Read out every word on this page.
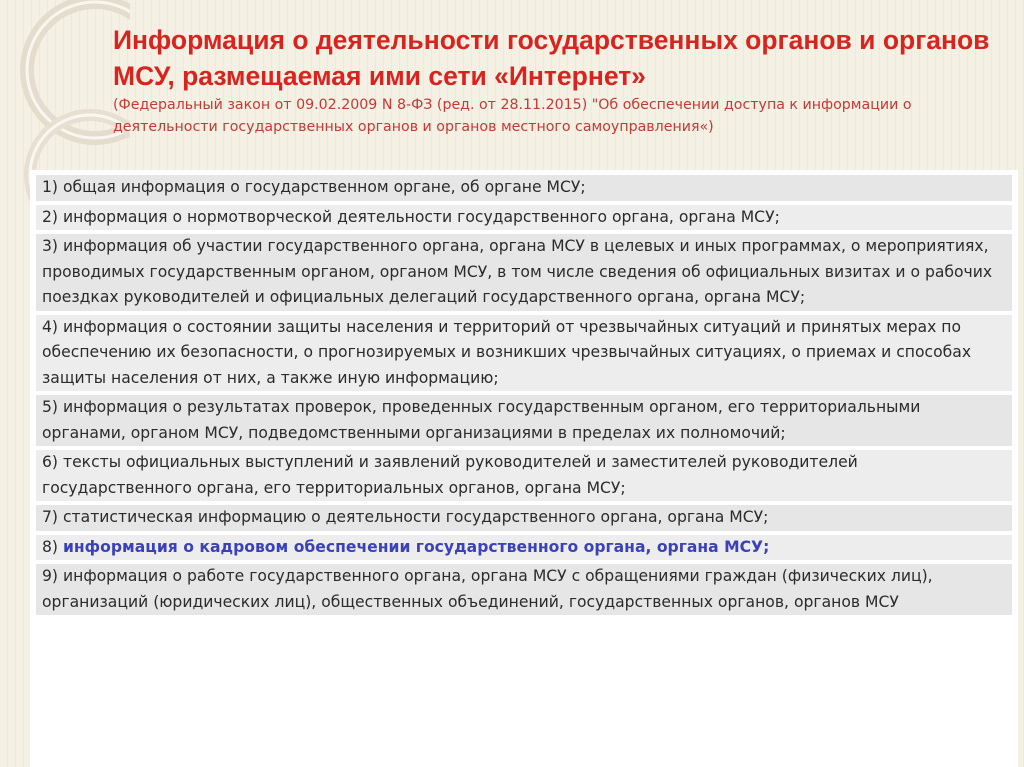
Информация о деятельности государственных органов и органов МСУ, размещаемая ими сети «Интернет»

(Федеральный закон от 09.02.2009 N 8-ФЗ (ред. от 28.11.2015) "Об обеспечении доступа к информации о деятельности государственных органов и органов местного самоуправления«)

1) общая информация о государственном органе, об органе МСУ;
2) информация о нормотворческой деятельности государственного органа, органа МСУ;
3) информация об участии государственного органа, органа МСУ в целевых и иных программах, о мероприятиях, проводимых государственным органом, органом МСУ, в том числе сведения об официальных визитах и о рабочих поездках руководителей и официальных делегаций государственного органа, органа МСУ;
4) информация о состоянии защиты населения и территорий от чрезвычайных ситуаций и принятых мерах по обеспечению их безопасности, о прогнозируемых и возникших чрезвычайных ситуациях, о приемах и способах защиты населения от них, а также иную информацию;
5) информация о результатах проверок, проведенных государственным органом, его территориальными органами, органом МСУ, подведомственными организациями в пределах их полномочий;
6) тексты официальных выступлений и заявлений руководителей и заместителей руководителей государственного органа, его территориальных органов, органа МСУ;
7) статистическая информацию о деятельности государственного органа, органа МСУ;
8) информация о кадровом обеспечении государственного органа, органа МСУ;
9) информация о работе государственного органа, органа МСУ с обращениями граждан (физических лиц), организаций (юридических лиц), общественных объединений, государственных органов, органов МСУ
